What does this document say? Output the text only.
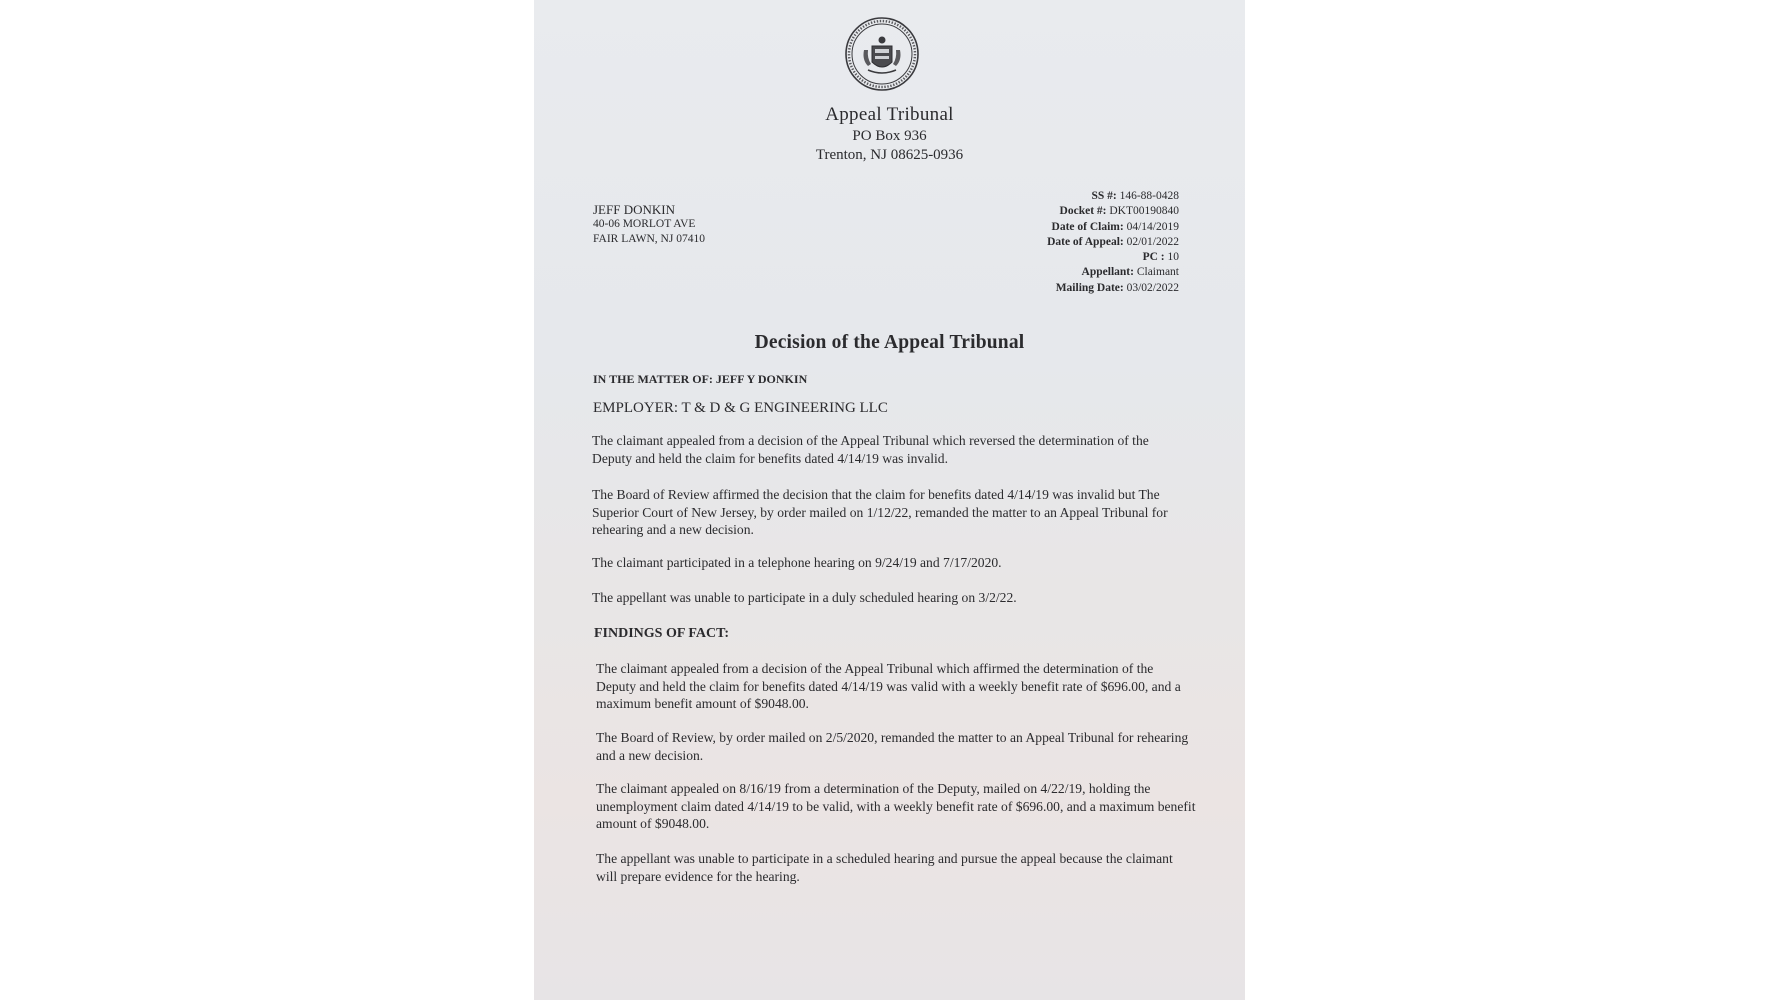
Appeal Tribunal
PO Box 936
Trenton, NJ 08625-0936
JEFF DONKIN
40-06 MORLOT AVE
FAIR LAWN, NJ 07410
SS #: 146-88-0428
Docket #: DKT00190840
Date of Claim: 04/14/2019
Date of Appeal: 02/01/2022
PC : 10
Appellant: Claimant
Mailing Date: 03/02/2022
Decision of the Appeal Tribunal
IN THE MATTER OF: JEFF Y DONKIN
EMPLOYER: T & D & G ENGINEERING LLC
The claimant appealed from a decision of the Appeal Tribunal which reversed the determination of the Deputy and held the claim for benefits dated 4/14/19 was invalid.
The Board of Review affirmed the decision that the claim for benefits dated 4/14/19 was invalid but The Superior Court of New Jersey, by order mailed on 1/12/22, remanded the matter to an Appeal Tribunal for rehearing and a new decision.
The claimant participated in a telephone hearing on 9/24/19 and 7/17/2020.
The appellant was unable to participate in a duly scheduled hearing on 3/2/22.
FINDINGS OF FACT:
The claimant appealed from a decision of the Appeal Tribunal which affirmed the determination of the Deputy and held the claim for benefits dated 4/14/19 was valid with a weekly benefit rate of $696.00, and a maximum benefit amount of $9048.00.
The Board of Review, by order mailed on 2/5/2020, remanded the matter to an Appeal Tribunal for rehearing and a new decision.
The claimant appealed on 8/16/19 from a determination of the Deputy, mailed on 4/22/19, holding the unemployment claim dated 4/14/19 to be valid, with a weekly benefit rate of $696.00, and a maximum benefit amount of $9048.00.
The appellant was unable to participate in a scheduled hearing and pursue the appeal because the claimant will prepare evidence for the hearing.
